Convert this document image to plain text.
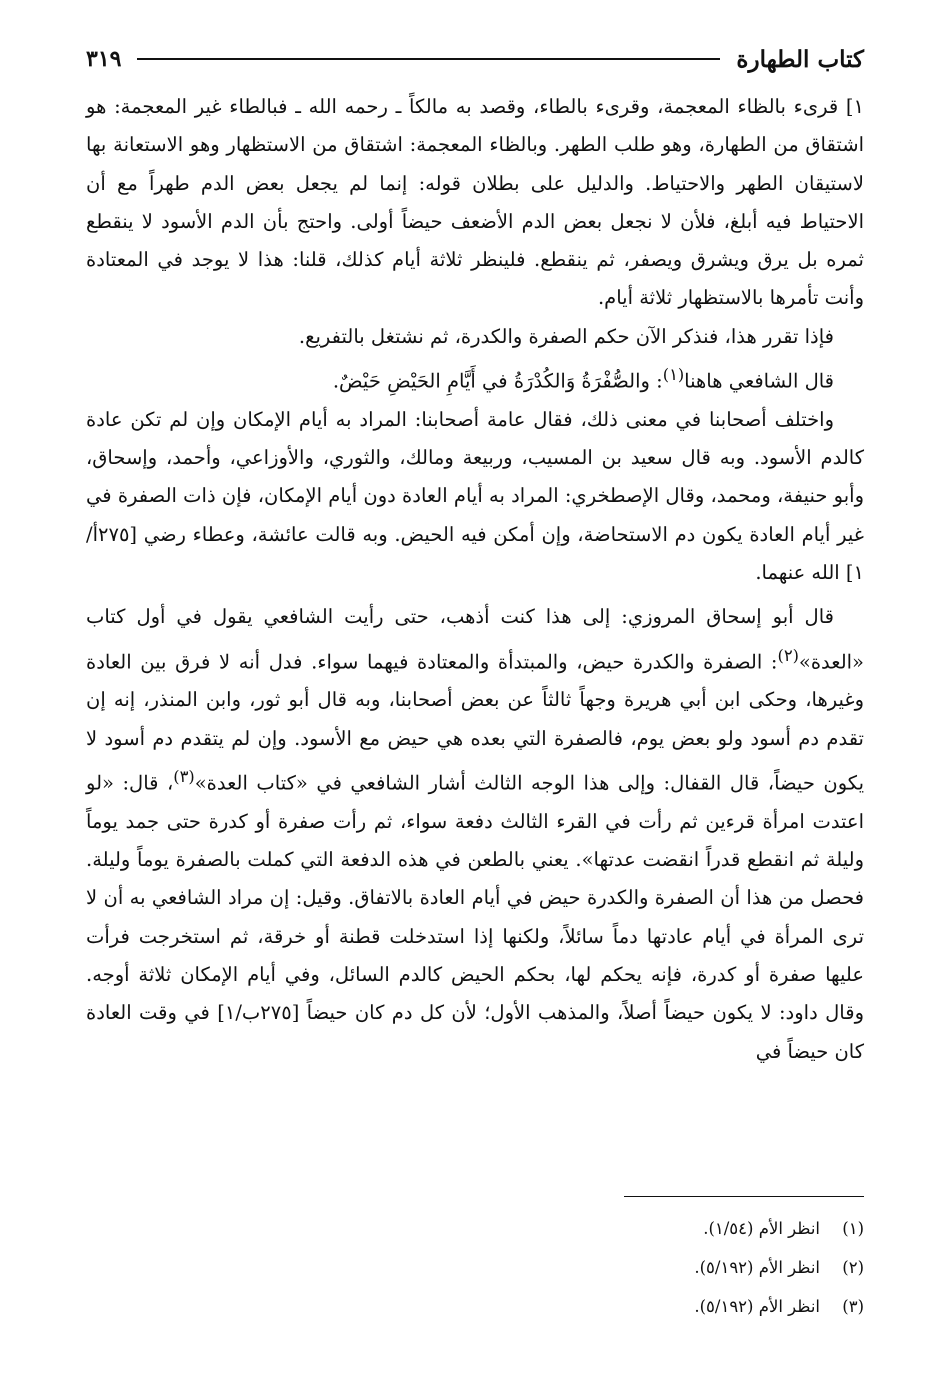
كتاب الطهارة
٣١٩

١] قرىء بالظاء المعجمة، وقرىء بالطاء، وقصد به مالكاً ـ رحمه الله ـ فبالطاء غير المعجمة: هو اشتقاق من الطهارة، وهو طلب الطهر. وبالظاء المعجمة: اشتقاق من الاستظهار وهو الاستعانة بها لاستيقان الطهر والاحتياط. والدليل على بطلان قوله: إنما لم يجعل بعض الدم طهراً مع أن الاحتياط فيه أبلغ، فلأن لا نجعل بعض الدم الأضعف حيضاً أولى. واحتج بأن الدم الأسود لا ينقطع ثمره بل يرق ويشرق ويصفر، ثم ينقطع. فلينظر ثلاثة أيام كذلك، قلنا: هذا لا يوجد في المعتادة وأنت تأمرها بالاستظهار ثلاثة أيام.

فإذا تقرر هذا، فنذكر الآن حكم الصفرة والكدرة، ثم نشتغل بالتفريع.

قال الشافعي هاهنا$^{(١)}$: والصُّفْرَةُ وَالكُدْرَةُ في أَيَّامِ الحَيْضِ حَيْضٌ.

واختلف أصحابنا في معنى ذلك، فقال عامة أصحابنا: المراد به أيام الإمكان وإن لم تكن عادة كالدم الأسود. وبه قال سعيد بن المسيب، وربيعة ومالك، والثوري، والأوزاعي، وأحمد، وإسحاق، وأبو حنيفة، ومحمد، وقال الإصطخري: المراد به أيام العادة دون أيام الإمكان، فإن ذات الصفرة في غير أيام العادة يكون دم الاستحاضة، وإن أمكن فيه الحيض. وبه قالت عائشة، وعطاء رضي [٢٧٥أ/١] الله عنهما.

قال أبو إسحاق المروزي: إلى هذا كنت أذهب، حتى رأيت الشافعي يقول في أول كتاب «العدة»$^{(٢)}$: الصفرة والكدرة حيض، والمبتدأة والمعتادة فيهما سواء. فدل أنه لا فرق بين العادة وغيرها، وحكى ابن أبي هريرة وجهاً ثالثاً عن بعض أصحابنا، وبه قال أبو ثور، وابن المنذر، إنه إن تقدم دم أسود ولو بعض يوم، فالصفرة التي بعده هي حيض مع الأسود. وإن لم يتقدم دم أسود لا يكون حيضاً، قال القفال: وإلى هذا الوجه الثالث أشار الشافعي في «كتاب العدة»$^{(٣)}$، قال: «لو اعتدت امرأة قرءين ثم رأت في القرء الثالث دفعة سواء، ثم رأت صفرة أو كدرة حتى جمد يوماً وليلة ثم انقطع قدراً انقضت عدتها». يعني بالطعن في هذه الدفعة التي كملت بالصفرة يوماً وليلة. فحصل من هذا أن الصفرة والكدرة حيض في أيام العادة بالاتفاق. وقيل: إن مراد الشافعي به أن لا ترى المرأة في أيام عادتها دماً سائلاً، ولكنها إذا استدخلت قطنة أو خرقة، ثم استخرجت فرأت عليها صفرة أو كدرة، فإنه يحكم لها، بحكم الحيض كالدم السائل، وفي أيام الإمكان ثلاثة أوجه. وقال داود: لا يكون حيضاً أصلاً، والمذهب الأول؛ لأن كل دم كان حيضاً [٢٧٥ب/١] في وقت العادة كان حيضاً في

(١)
انظر الأم (١/٥٤).
(٢)
انظر الأم (٥/١٩٢).
(٣)
انظر الأم (٥/١٩٢).
